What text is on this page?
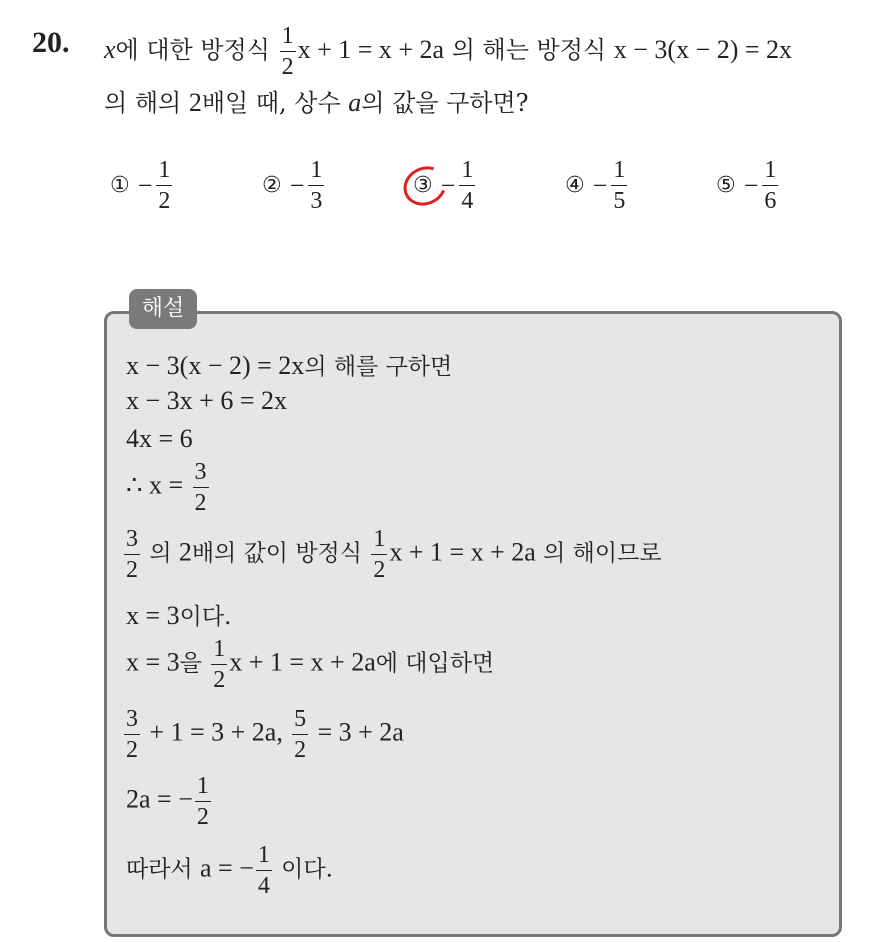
20. x에 대한 방정식 $\frac{1}{2}$ x + 1 = x + 2a 의 해는 방정식 x − 3(x − 2) = 2x
의 해의 2배일 때, 상수 a의 값을 구하면?
① − $\frac{1}{2}$	② − $\frac{1}{3}$	③ − $\frac{1}{4}$	④ − $\frac{1}{5}$	⑤ − $\frac{1}{6}$
해설
x − 3(x − 2) = 2x의 해를 구하면
x − 3x + 6 = 2x
4x = 6
∴ $x = \frac{3}{2}$
$\frac{3}{2}$ 의 2배의 값이 방정식 $\frac{1}{2}$ x + 1 = x + 2a 의 해이므로
x = 3이다.
x = 3을 $\frac{1}{2}$ x + 1 = x + 2a에 대입하면
$\frac{3}{2} + 1 = 3 + 2a$, $\frac{5}{2} = 3 + 2a$
2a = − $\frac{1}{2}$
따라서 a = − $\frac{1}{4}$ 이다.
